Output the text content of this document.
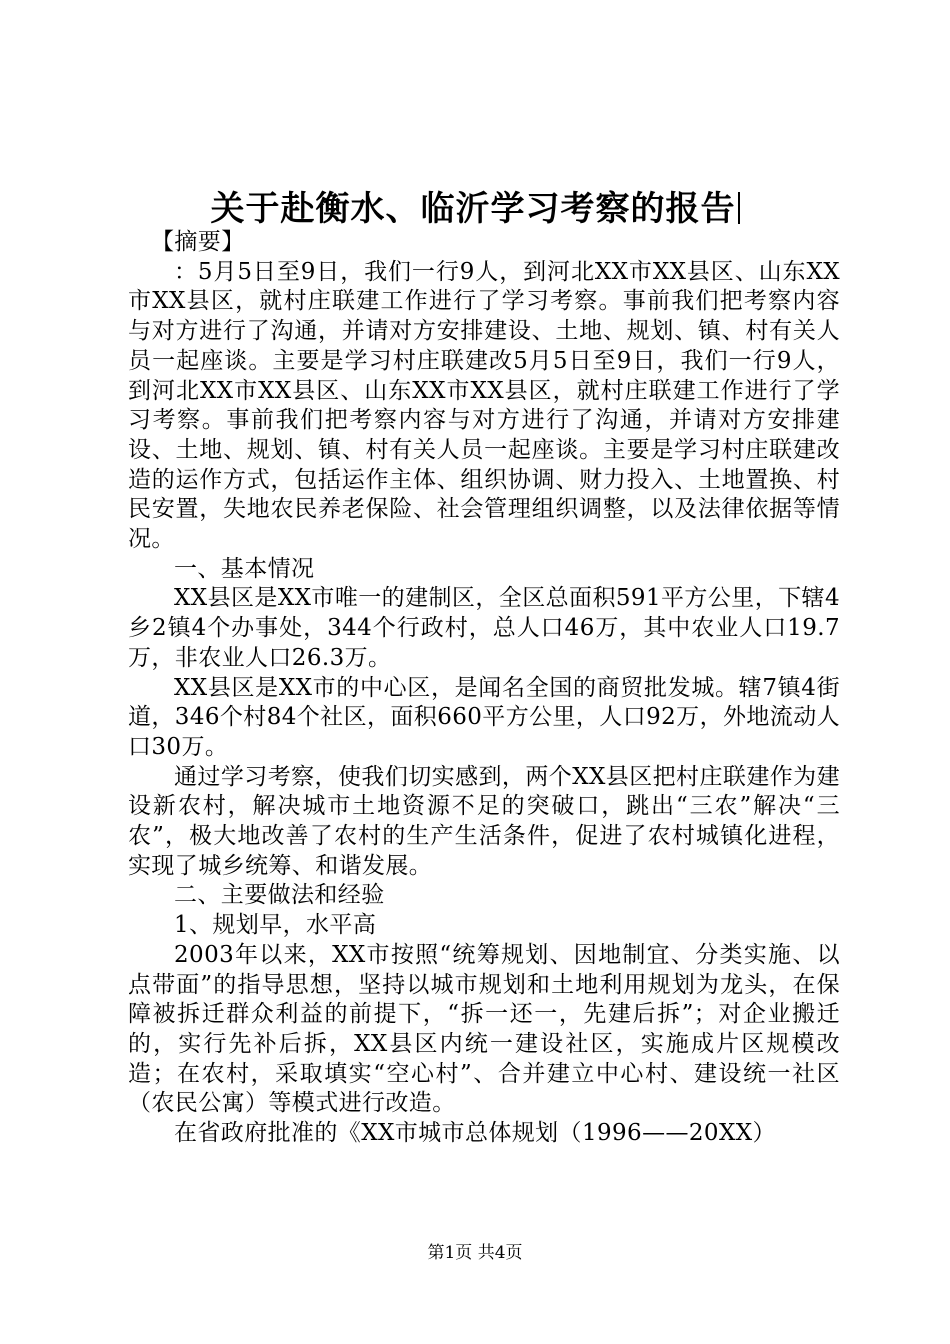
关于赴衡水、临沂学习考察的报告

【摘要】

：5月5日至9日，我们一行9人，到河北XX市XX县区、山东XX市XX县区，就村庄联建工作进行了学习考察。事前我们把考察内容与对方进行了沟通，并请对方安排建设、土地、规划、镇、村有关人员一起座谈。主要是学习村庄联建改5月5日至9日，我们一行9人，到河北XX市XX县区、山东XX市XX县区，就村庄联建工作进行了学习考察。事前我们把考察内容与对方进行了沟通，并请对方安排建设、土地、规划、镇、村有关人员一起座谈。主要是学习村庄联建改造的运作方式，包括运作主体、组织协调、财力投入、土地置换、村民安置，失地农民养老保险、社会管理组织调整，以及法律依据等情况。

一、基本情况

XX县区是XX市唯一的建制区，全区总面积591平方公里，下辖4乡2镇4个办事处，344个行政村，总人口46万，其中农业人口19.7万，非农业人口26.3万。

XX县区是XX市的中心区，是闻名全国的商贸批发城。辖7镇4街道，346个村84个社区，面积660平方公里，人口92万，外地流动人口30万。

通过学习考察，使我们切实感到，两个XX县区把村庄联建作为建设新农村，解决城市土地资源不足的突破口，跳出“三农”解决“三农”，极大地改善了农村的生产生活条件，促进了农村城镇化进程，实现了城乡统筹、和谐发展。

二、主要做法和经验

1、规划早，水平高

2003年以来，XX市按照“统筹规划、因地制宜、分类实施、以点带面”的指导思想，坚持以城市规划和土地利用规划为龙头，在保障被拆迁群众利益的前提下，“拆一还一，先建后拆”；对企业搬迁的，实行先补后拆，XX县区内统一建设社区，实施成片区规模改造；在农村，采取填实“空心村”、合并建立中心村、建设统一社区（农民公寓）等模式进行改造。

在省政府批准的《XX市城市总体规划（1996——20XX）

第1页 共4页
